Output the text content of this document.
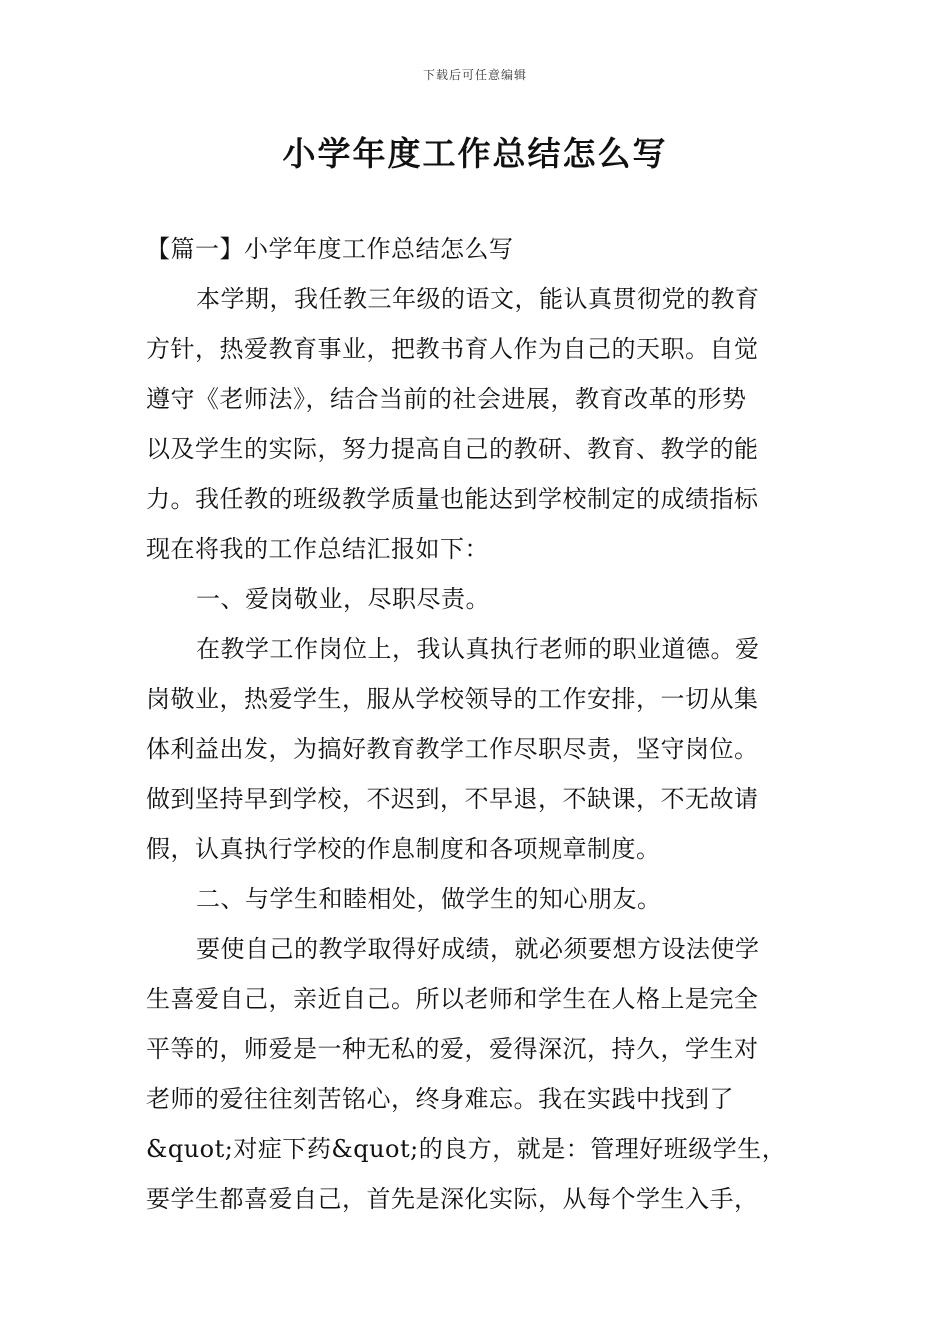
下载后可任意编辑
小学年度工作总结怎么写
【篇一】小学年度工作总结怎么写
本学期，我任教三年级的语文，能认真贯彻党的教育
方针，热爱教育事业，把教书育人作为自己的天职。自觉
遵守《老师法》，结合当前的社会进展，教育改革的形势
以及学生的实际，努力提高自己的教研、教育、教学的能
力。我任教的班级教学质量也能达到学校制定的成绩指标
现在将我的工作总结汇报如下：
一、爱岗敬业，尽职尽责。
在教学工作岗位上，我认真执行老师的职业道德。爱
岗敬业，热爱学生，服从学校领导的工作安排，一切从集
体利益出发，为搞好教育教学工作尽职尽责，坚守岗位。
做到坚持早到学校，不迟到，不早退，不缺课，不无故请
假，认真执行学校的作息制度和各项规章制度。
二、与学生和睦相处，做学生的知心朋友。
要使自己的教学取得好成绩，就必须要想方设法使学
生喜爱自己，亲近自己。所以老师和学生在人格上是完全
平等的，师爱是一种无私的爱，爱得深沉，持久，学生对
老师的爱往往刻苦铭心，终身难忘。我在实践中找到了
&quot;对症下药&quot;的良方，就是：管理好班级学生，
要学生都喜爱自己，首先是深化实际，从每个学生入手，
